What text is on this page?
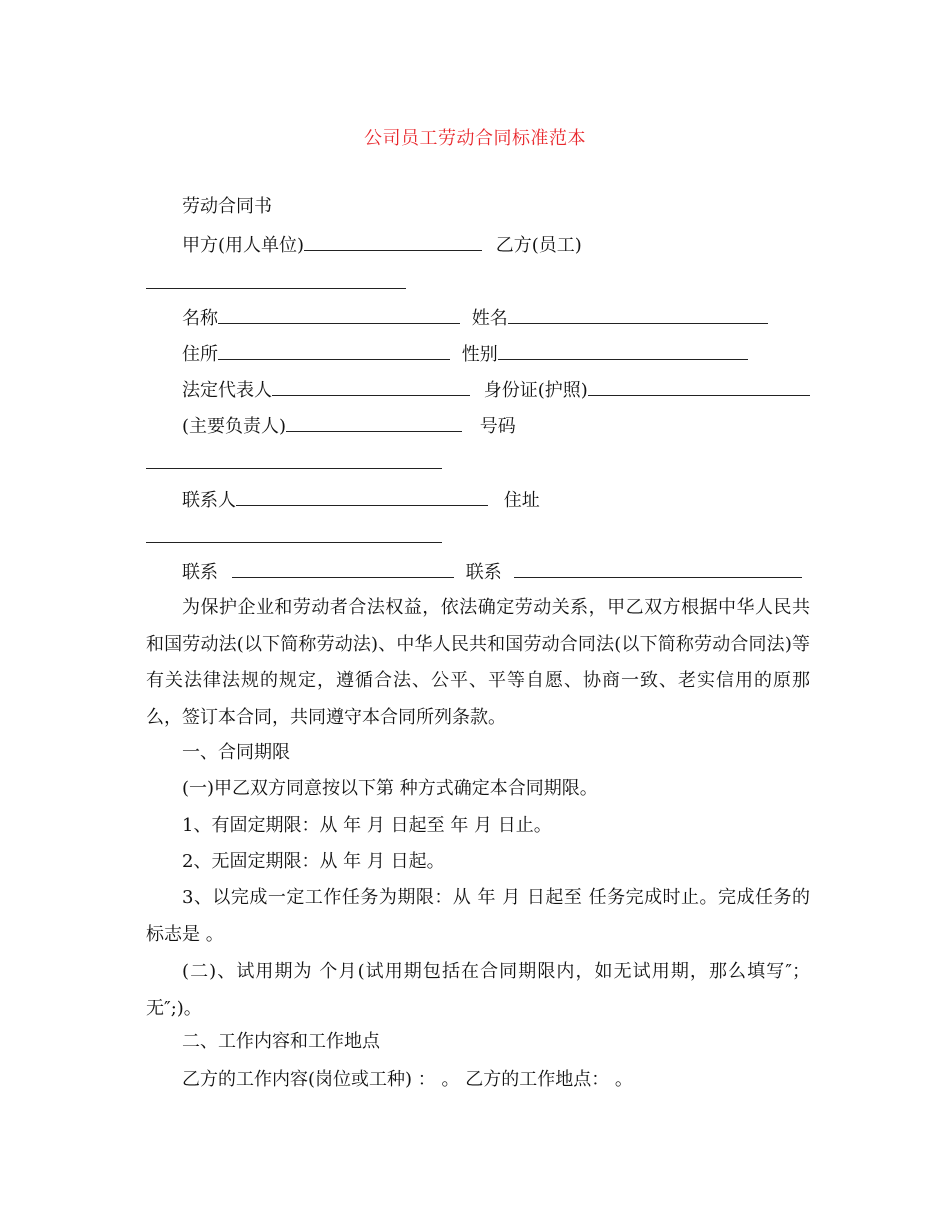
公司员工劳动合同标准范本
劳动合同书
甲方(用人单位)	乙方(员工)
名称	姓名
住所	性别
法定代表人	身份证(护照)
(主要负责人)	号码
联系人	住址
联系	联系
为保护企业和劳动者合法权益，依法确定劳动关系，甲乙双方根据中华人民共和国劳动法(以下简称劳动法)、中华人民共和国劳动合同法(以下简称劳动合同法)等有关法律法规的规定，遵循合法、公平、平等自愿、协商一致、老实信用的原那么，签订本合同，共同遵守本合同所列条款。
一、合同期限
(一)甲乙双方同意按以下第 种方式确定本合同期限。
1、有固定期限：从 年 月 日起至 年 月 日止。
2、无固定期限：从 年 月 日起。
3、以完成一定工作任务为期限：从 年 月 日起至 任务完成时止。完成任务的标志是 。
(二)、试用期为 个月(试用期包括在合同期限内，如无试用期，那么填写″；无″;)。
二、工作内容和工作地点
乙方的工作内容(岗位或工种) ： 。 乙方的工作地点： 。
